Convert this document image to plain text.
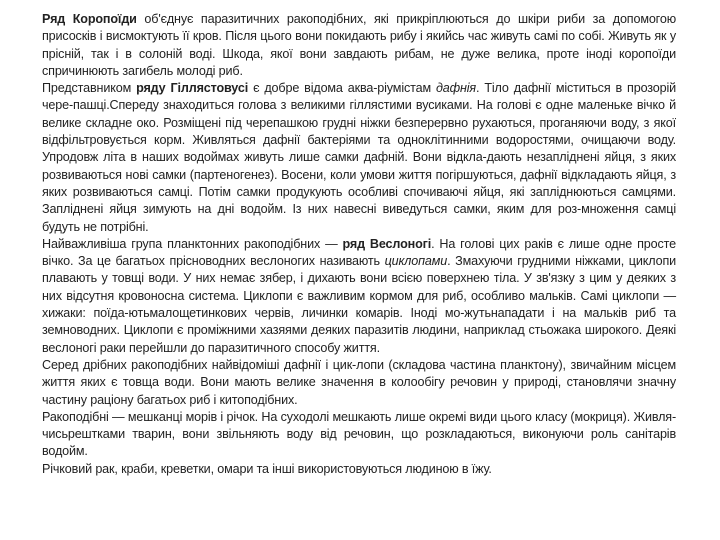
Ряд Коропоїди об'єднує паразитичних ракоподібних, які прикріплюються до шкіри риби за допомогою присосків і висмоктують її кров. Після цього вони покидають рибу і якийсь час живуть самі по собі. Живуть як у прісній, так і в солоній воді. Шкода, якої вони завдають рибам, не дуже велика, проте іноді коропоїди спричинюють загибель молоді риб.

Представником ряду Гіллястовусі є добре відома аква-ріумістам дафнія. Тіло дафнії міститься в прозорій чере-пашці.Спереду знаходиться голова з великими гіллястими вусиками. На голові є одне маленьке вічко й велике складне око. Розміщені під черепашкою грудні ніжки безперервно рухаються, проганяючи воду, з якої відфільтровується корм. Живляться дафнії бактеріями та одноклітинними водоростями, очищаючи воду. Упродовж літа в наших водоймах живуть лише самки дафній. Вони відкла-дають незапліднені яйця, з яких розвиваються нові самки (партеногенез). Восени, коли умови життя погіршуються, дафнії відкладають яйця, з яких розвиваються самці. Потім самки продукують особливі спочиваючі яйця, які запліднюються самцями. Запліднені яйця зимують на дні водойм. Із них навесні виведуться самки, яким для роз-множення самці будуть не потрібні.

Найважливіша група планктонних ракоподібних — ряд Веслоногі. На голові цих раків є лише одне просте вічко. За це багатьох прісноводних веслоногих називають циклопами. Змахуючи грудними ніжками, циклопи плавають у товщі води. У них немає зябер, і дихають вони всією поверхнею тіла. У зв'язку з цим у деяких з них відсутня кровоносна система. Циклопи є важливим кормом для риб, особливо мальків. Самі циклопи — хижаки: поїда-ютьмалощетинкових червів, личинки комарів. Іноді мо-жутьнападати і на мальків риб та земноводних. Циклопи є проміжними хазяями деяких паразитів людини, наприклад стьожака широкого. Деякі веслоногі раки перейшли до паразитичного способу життя.

Серед дрібних ракоподібних найвідоміші дафнії і цик-лопи (складова частина планктону), звичайним місцем життя яких є товща води. Вони мають велике значення в колообігу речовин у природі, становлячи значну частину раціону багатьох риб і китоподібних.

Ракоподібні — мешканці морів і річок. На суходолі мешкають лише окремі види цього класу (мокриця). Живля-чисьрештками тварин, вони звільняють воду від речовин, що розкладаються, виконуючи роль санітарів водойм.

Річковий рак, краби, креветки, омари та інші використовуються людиною в їжу.
